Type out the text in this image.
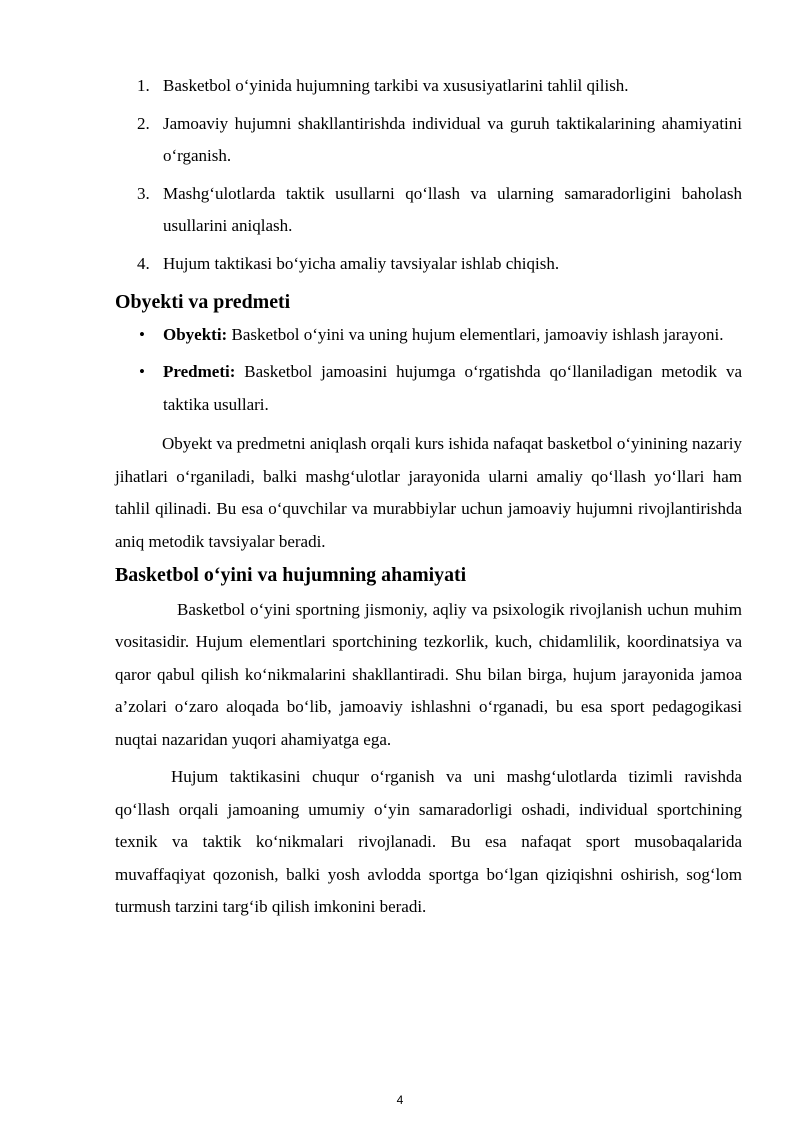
1. Basketbol o‘yinida hujumning tarkibi va xususiyatlarini tahlil qilish.
2. Jamoaviy hujumni shakllantirishda individual va guruh taktikalarining ahamiyatini o‘rganish.
3. Mashg‘ulotlarda taktik usullarni qo‘llash va ularning samaradorligini baholash usullarini aniqlash.
4. Hujum taktikasi bo‘yicha amaliy tavsiyalar ishlab chiqish.
Obyekti va predmeti
• Obyekti: Basketbol o‘yini va uning hujum elementlari, jamoaviy ishlash jarayoni.
• Predmeti: Basketbol jamoasini hujumga o‘rgatishda qo‘llaniladigan metodik va taktika usullari.

Obyekt va predmetni aniqlash orqali kurs ishida nafaqat basketbol o‘yinining nazariy jihatlari o‘rganiladi, balki mashg‘ulotlar jarayonida ularni amaliy qo‘llash yo‘llari ham tahlil qilinadi. Bu esa o‘quvchilar va murabbiylar uchun jamoaviy hujumni rivojlantirishda aniq metodik tavsiyalar beradi.

Basketbol o‘yini va hujumning ahamiyati

Basketbol o‘yini sportning jismoniy, aqliy va psixologik rivojlanish uchun muhim vositasidir. Hujum elementlari sportchining tezkorlik, kuch, chidamlilik, koordinatsiya va qaror qabul qilish ko‘nikmalarini shakllantiradi. Shu bilan birga, hujum jarayonida jamoa a’zolari o‘zaro aloqada bo‘lib, jamoaviy ishlashni o‘rganadi, bu esa sport pedagogikasi nuqtai nazaridan yuqori ahamiyatga ega.

Hujum taktikasini chuqur o‘rganish va uni mashg‘ulotlarda tizimli ravishda qo‘llash orqali jamoaning umumiy o‘yin samaradorligi oshadi, individual sportchining texnik va taktik ko‘nikmalari rivojlanadi. Bu esa nafaqat sport musobaqalarida muvaffaqiyat qozonish, balki yosh avlodda sportga bo‘lgan qiziqishni oshirish, sog‘lom turmush tarzini targ‘ib qilish imkonini beradi.

4
